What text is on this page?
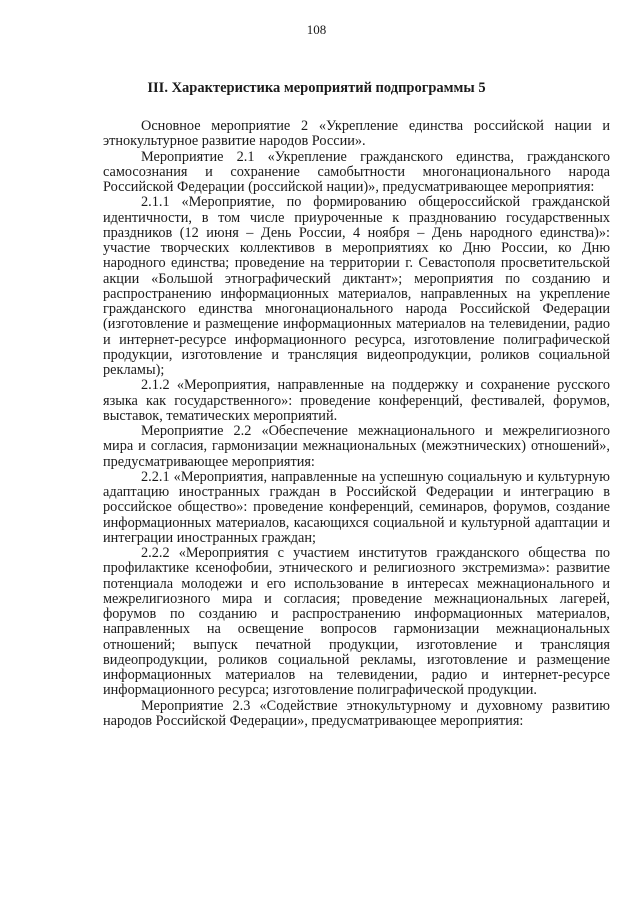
108
III. Характеристика мероприятий подпрограммы 5

Основное мероприятие 2 «Укрепление единства российской нации и этнокультурное развитие народов России».

Мероприятие 2.1 «Укрепление гражданского единства, гражданского самосознания и сохранение самобытности многонационального народа Российской Федерации (российской нации)», предусматривающее мероприятия:

2.1.1 «Мероприятие, по формированию общероссийской гражданской идентичности, в том числе приуроченные к празднованию государственных праздников (12 июня – День России, 4 ноября – День народного единства)»: участие творческих коллективов в мероприятиях ко Дню России, ко Дню народного единства; проведение на территории г. Севастополя просветительской акции «Большой этнографический диктант»; мероприятия по созданию и распространению информационных материалов, направленных на укрепление гражданского единства многонационального народа Российской Федерации (изготовление и размещение информационных материалов на телевидении, радио и интернет-ресурсе информационного ресурса, изготовление полиграфической продукции, изготовление и трансляция видеопродукции, роликов социальной рекламы);

2.1.2 «Мероприятия, направленные на поддержку и сохранение русского языка как государственного»: проведение конференций, фестивалей, форумов, выставок, тематических мероприятий.

Мероприятие 2.2 «Обеспечение межнационального и межрелигиозного мира и согласия, гармонизации межнациональных (межэтнических) отношений», предусматривающее мероприятия:

2.2.1 «Мероприятия, направленные на успешную социальную и культурную адаптацию иностранных граждан в Российской Федерации и интеграцию в российское общество»: проведение конференций, семинаров, форумов, создание информационных материалов, касающихся социальной и культурной адаптации и интеграции иностранных граждан;

2.2.2 «Мероприятия с участием институтов гражданского общества по профилактике ксенофобии, этнического и религиозного экстремизма»: развитие потенциала молодежи и его использование в интересах межнационального и межрелигиозного мира и согласия; проведение межнациональных лагерей, форумов по созданию и распространению информационных материалов, направленных на освещение вопросов гармонизации межнациональных отношений; выпуск печатной продукции, изготовление и трансляция видеопродукции, роликов социальной рекламы, изготовление и размещение информационных материалов на телевидении, радио и интернет-ресурсе информационного ресурса; изготовление полиграфической продукции.

Мероприятие 2.3 «Содействие этнокультурному и духовному развитию народов Российской Федерации», предусматривающее мероприятия:
